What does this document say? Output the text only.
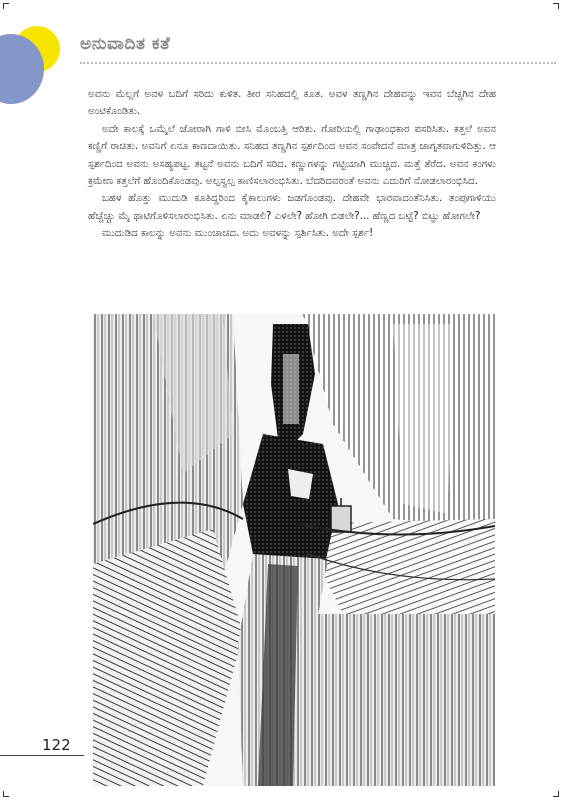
ಅನುವಾದಿತ ಕತೆ

ಅವನು ಮೆಲ್ಲಗೆ ಅವಳ ಬದಿಗೆ ಸರಿದು ಕುಳಿತ. ತೀರ ಸನಿಹದಲ್ಲಿ ಕೂತ. ಅವಳ ತಣ್ಣಗಿನ ದೇಹವನ್ನು ಇವನ ಬೆಚ್ಚಗಿನ ದೇಹ ಅಂಟಿಕೊಂಡಿತು.

ಅದೇ ಕಾಲಕ್ಕೆ ಒಮ್ಮೆಲೆ ಜೋರಾಗಿ ಗಾಳಿ ಬೀಸಿ ಮೊಂಬತ್ತಿ ಆರಿತು. ಗೋರಿಯಲ್ಲಿ ಗಾಢಾಂಧಕಾರ ಪಸರಿಸಿತು. ಕತ್ತಲೆ ಅವನ ಕಣ್ಣಿಗೆ ರಾಚಿತು. ಅವನಿಗೆ ಏನೂ ಕಾಣದಾಯಿತು. ಸನಿಹದ ತಣ್ಣಗಿನ ಸ್ಪರ್ಶದಿಂದ ಅವನ ಸಂವೇದನೆ ಮಾತ್ರ ಜಾಗೃತವಾಗುಳಿದಿತ್ತು. ಆ ಸ್ಪರ್ಶದಿಂದ ಅವನು ಅಸಹ್ಯಪಟ್ಟ. ತಟ್ಟನೆ ಅವನು ಬದಿಗೆ ಸರಿದ. ಕಣ್ಣುಗಳನ್ನು ಗಟ್ಟಿಯಾಗಿ ಮುಚ್ಚಿದ. ಮತ್ತೆ ತೆರೆದ. ಅವನ ಕಂಗಳು ಕ್ರಮೇಣ ಕತ್ತಲೆಗೆ ಹೊಂದಿಕೊಂಡವು. ಅಲ್ಪಸ್ವಲ್ಪ ಕಾಣಿಸಲಾರಂಭಿಸಿತು. ಬೆದರಿದವರಂತೆ ಅವನು ಎದುರಿಗೆ ನೋಡಲಾರಂಭಿಸಿದ.

ಬಹಳ ಹೊತ್ತು ಮುದುಡಿ ಕೂತಿದ್ದರಿಂದ ಕೈಕಾಲುಗಳು ಜಡಗೊಂಡವು. ದೇಹವೇ ಭಾರವಾದಂತೆನಿಸಿತು. ತಂಪುಗಾಳಿಯು ಹೆಚ್ಚೆಚ್ಚು ಮೈ ಥಾಟಿಗೊಳಿಸಲಾರಂಭಿಸಿತು. ಏನು ಮಾಡಲಿ? ಎಳಲೇ? ಹೋಗಿ ಬಿಡಲೇ?... ಹೆಣ್ಣದ ಬಟ್ಟೆ? ಬಿಟ್ಟು ಹೋಗಲೇ?

ಮುದುಡಿದ ಕಾಲನ್ನು ಅವನು ಮುಂಚಾಚಿದ. ಅದು ಅವಳನ್ನು ಸ್ಪರ್ಶಿಸಿತು. ಅದೇ ಸ್ಪರ್ಶ!

122
